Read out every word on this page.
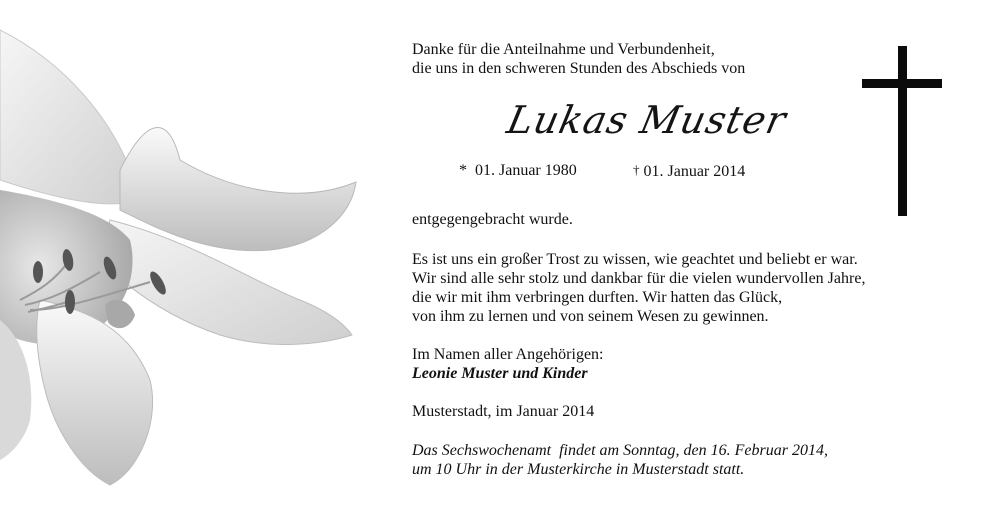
Danke für die Anteilnahme und Verbundenheit,
die uns in den schweren Stunden des Abschieds von
Lukas Muster
* 01. Januar 1980	† 01. Januar 2014
entgegengebracht wurde.
Es ist uns ein großer Trost zu wissen, wie geachtet und beliebt er war.
Wir sind alle sehr stolz und dankbar für die vielen wundervollen Jahre,
die wir mit ihm verbringen durften. Wir hatten das Glück,
von ihm zu lernen und von seinem Wesen zu gewinnen.
Im Namen aller Angehörigen:
Leonie Muster und Kinder
Musterstadt, im Januar 2014
Das Sechswochenamt  findet am Sonntag, den 16. Februar 2014,
um 10 Uhr in der Musterkirche in Musterstadt statt.
